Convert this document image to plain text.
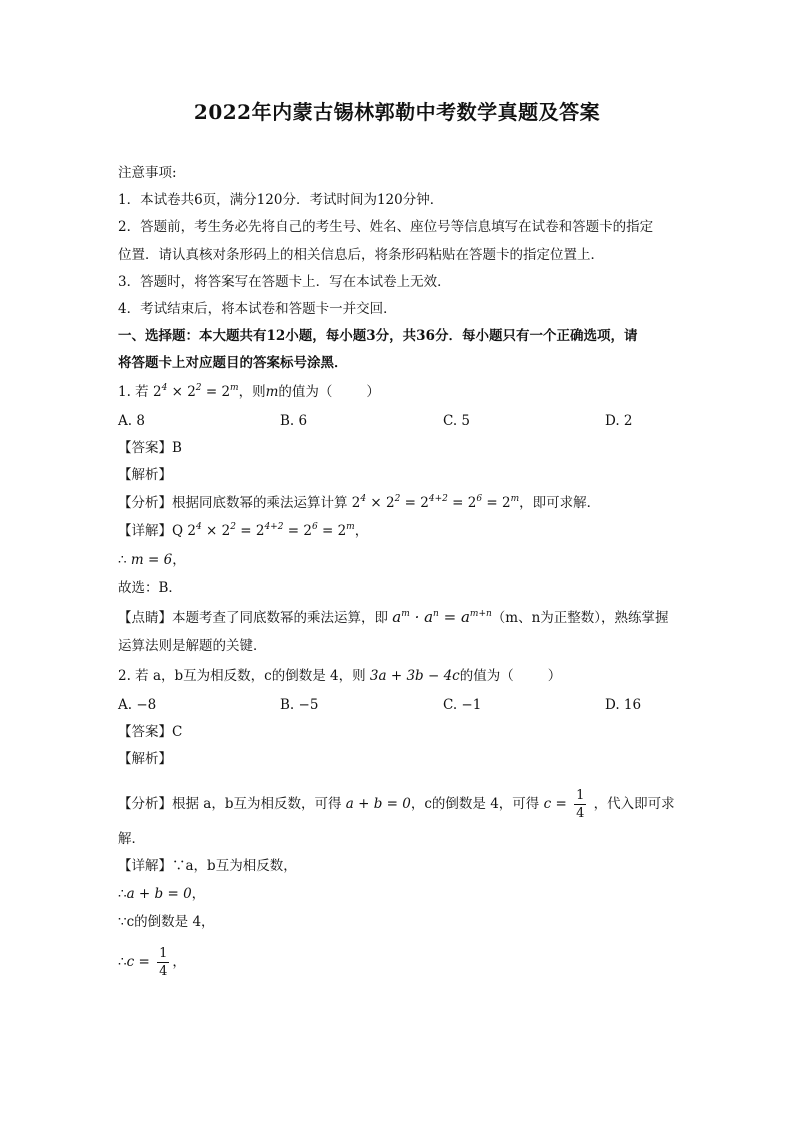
2022年内蒙古锡林郭勒中考数学真题及答案
注意事项:
1．本试卷共6页，满分120分．考试时间为120分钟．
2．答题前，考生务必先将自己的考生号、姓名、座位号等信息填写在试卷和答题卡的指定
位置．请认真核对条形码上的相关信息后，将条形码粘贴在答题卡的指定位置上．
3．答题时，将答案写在答题卡上．写在本试卷上无效．
4．考试结束后，将本试卷和答题卡一并交回．
一、选择题：本大题共有12小题，每小题3分，共36分．每小题只有一个正确选项，请
将答题卡上对应题目的答案标号涂黑．
1. 若 $2^4 \times 2^2 = 2^m$，则m的值为（	）
A. 8	B. 6	C. 5	D. 2
【答案】B
【解析】
【分析】根据同底数幂的乘法运算计算 $2^4 \times 2^2 = 2^{4+2} = 2^6 = 2^m$，即可求解．
【详解】Q $2^4 \times 2^2 = 2^{4+2} = 2^6 = 2^m$，
∴ m = 6，
故选：B．
【点睛】本题考查了同底数幂的乘法运算，即 $a^m \cdot a^n = a^{m+n}(m$、n为正整数），熟练掌握
运算法则是解题的关键．
2. 若 a，b互为相反数，c的倒数是 4，则 3a + 3b − 4c的值为（	）
A. −8	B. −5	C. −1	D. 16
【答案】C
【解析】
【分析】根据 a，b互为相反数，可得 a + b = 0，c的倒数是 4，可得 $c = \frac{1}{4}$ ，代入即可求
解．
【详解】∵a，b互为相反数，
∴a + b = 0，
∵c的倒数是 4，
∴c = $\frac{1}{4}$ ，
